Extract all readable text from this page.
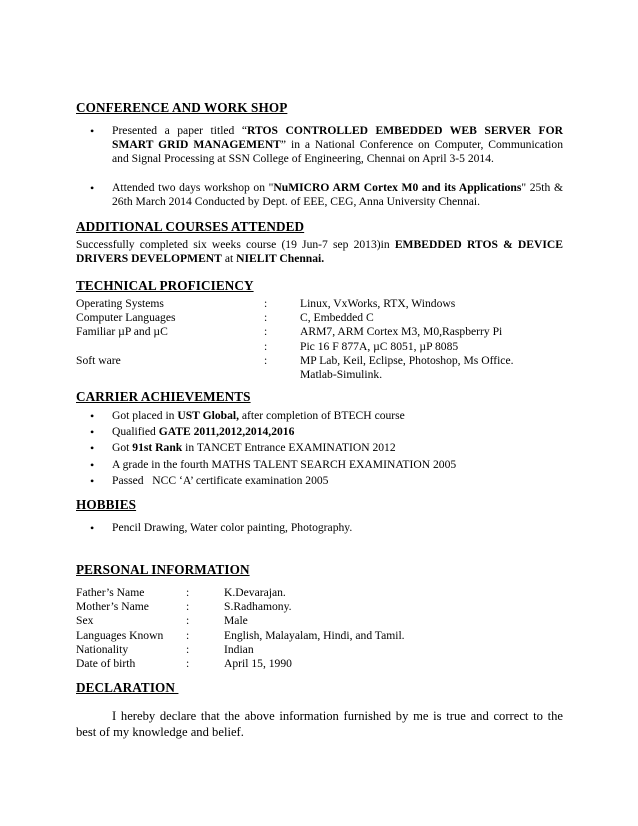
CONFERENCE AND WORK SHOP
• Presented a paper titled “RTOS CONTROLLED EMBEDDED WEB SERVER FOR SMART GRID MANAGEMENT” in a National Conference on Computer, Communication and Signal Processing at SSN College of Engineering, Chennai on April 3-5 2014.
• Attended two days workshop on "NuMICRO ARM Cortex M0 and its Applications" 25th & 26th March 2014 Conducted by Dept. of EEE, CEG, Anna University Chennai.
ADDITIONAL COURSES ATTENDED
Successfully completed six weeks course (19 Jun-7 sep 2013)in EMBEDDED RTOS & DEVICE DRIVERS DEVELOPMENT at NIELIT Chennai.
TECHNICAL PROFICIENCY
Operating Systems	:	Linux, VxWorks, RTX, Windows
Computer Languages	:	C, Embedded C
Familiar µP and µC	:	ARM7, ARM Cortex M3, M0,Raspberry Pi
:	Pic 16 F 877A, µC 8051, µP 8085
Soft ware	:	MP Lab, Keil, Eclipse, Photoshop, Ms Office.
Matlab-Simulink.
CARRIER ACHIEVEMENTS
• Got placed in UST Global, after completion of BTECH course
• Qualified GATE 2011,2012,2014,2016
• Got 91st Rank in TANCET Entrance EXAMINATION 2012
• A grade in the fourth MATHS TALENT SEARCH EXAMINATION 2005
• Passed   NCC ‘A’ certificate examination 2005
HOBBIES
• Pencil Drawing, Water color painting, Photography.
PERSONAL INFORMATION
Father’s Name	:	K.Devarajan.
Mother’s Name	:	S.Radhamony.
Sex	:	Male
Languages Known	:	English, Malayalam, Hindi, and Tamil.
Nationality	:	Indian
Date of birth	:	April 15, 1990
DECLARATION
I hereby declare that the above information furnished by me is true and correct to the best of my knowledge and belief.
